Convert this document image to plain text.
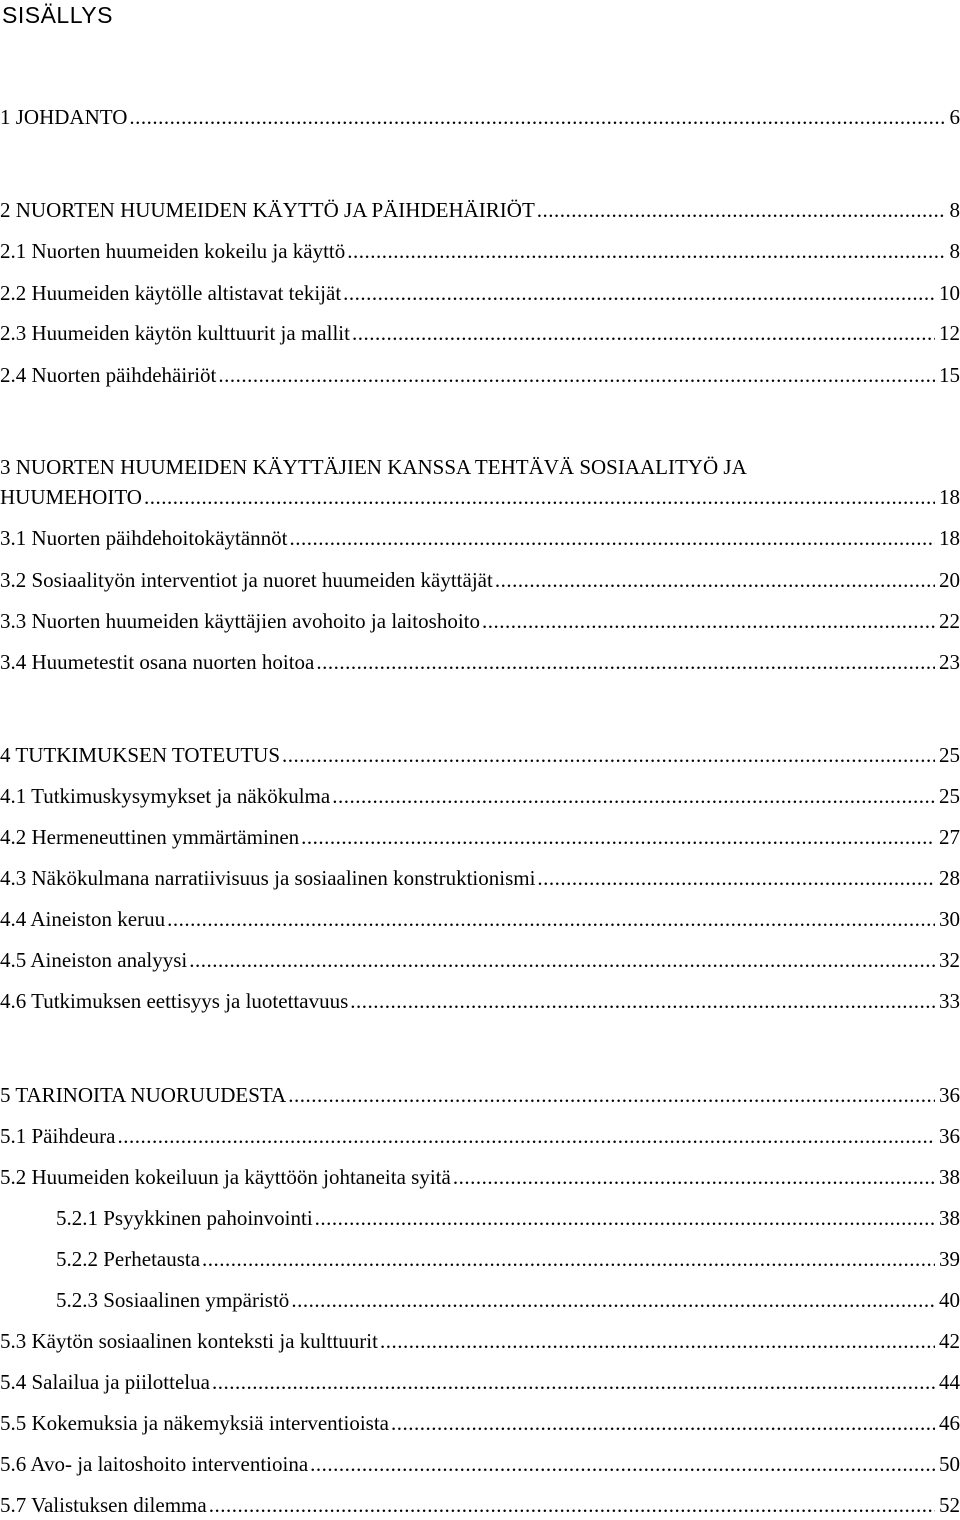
SISÄLLYS
1 JOHDANTO .....	6
2 NUORTEN HUUMEIDEN KÄYTTÖ JA PÄIHDEHÄIRIÖT .....	8
2.1 Nuorten huumeiden kokeilu ja käyttö .....	8
2.2 Huumeiden käytölle altistavat tekijät .....	10
2.3 Huumeiden käytön kulttuurit ja mallit .....	12
2.4 Nuorten päihdehäiriöt .....	15
3 NUORTEN HUUMEIDEN KÄYTTÄJIEN KANSSA TEHTÄVÄ SOSIAALITYÖ JA
HUUMEHOITO .....	18
3.1 Nuorten päihdehoitokäytännöt .....	18
3.2 Sosiaalityön interventiot ja nuoret huumeiden käyttäjät .....	20
3.3 Nuorten huumeiden käyttäjien avohoito ja laitoshoito .....	22
3.4 Huumetestit osana nuorten hoitoa .....	23
4 TUTKIMUKSEN TOTEUTUS .....	25
4.1 Tutkimuskysymykset ja näkökulma .....	25
4.2 Hermeneuttinen ymmärtäminen .....	27
4.3 Näkökulmana narratiivisuus ja sosiaalinen konstruktionismi .....	28
4.4 Aineiston keruu .....	30
4.5 Aineiston analyysi .....	32
4.6 Tutkimuksen eettisyys ja luotettavuus .....	33
5 TARINOITA NUORUUDESTA .....	36
5.1 Päihdeura .....	36
5.2 Huumeiden kokeiluun ja käyttöön johtaneita syitä .....	38
5.2.1 Psyykkinen pahoinvointi .....	38
5.2.2 Perhetausta .....	39
5.2.3 Sosiaalinen ympäristö .....	40
5.3 Käytön sosiaalinen konteksti ja kulttuurit .....	42
5.4 Salailua ja piilottelua .....	44
5.5 Kokemuksia ja näkemyksiä interventioista .....	46
5.6 Avo- ja laitoshoito interventioina .....	50
5.7 Valistuksen dilemma .....	52
